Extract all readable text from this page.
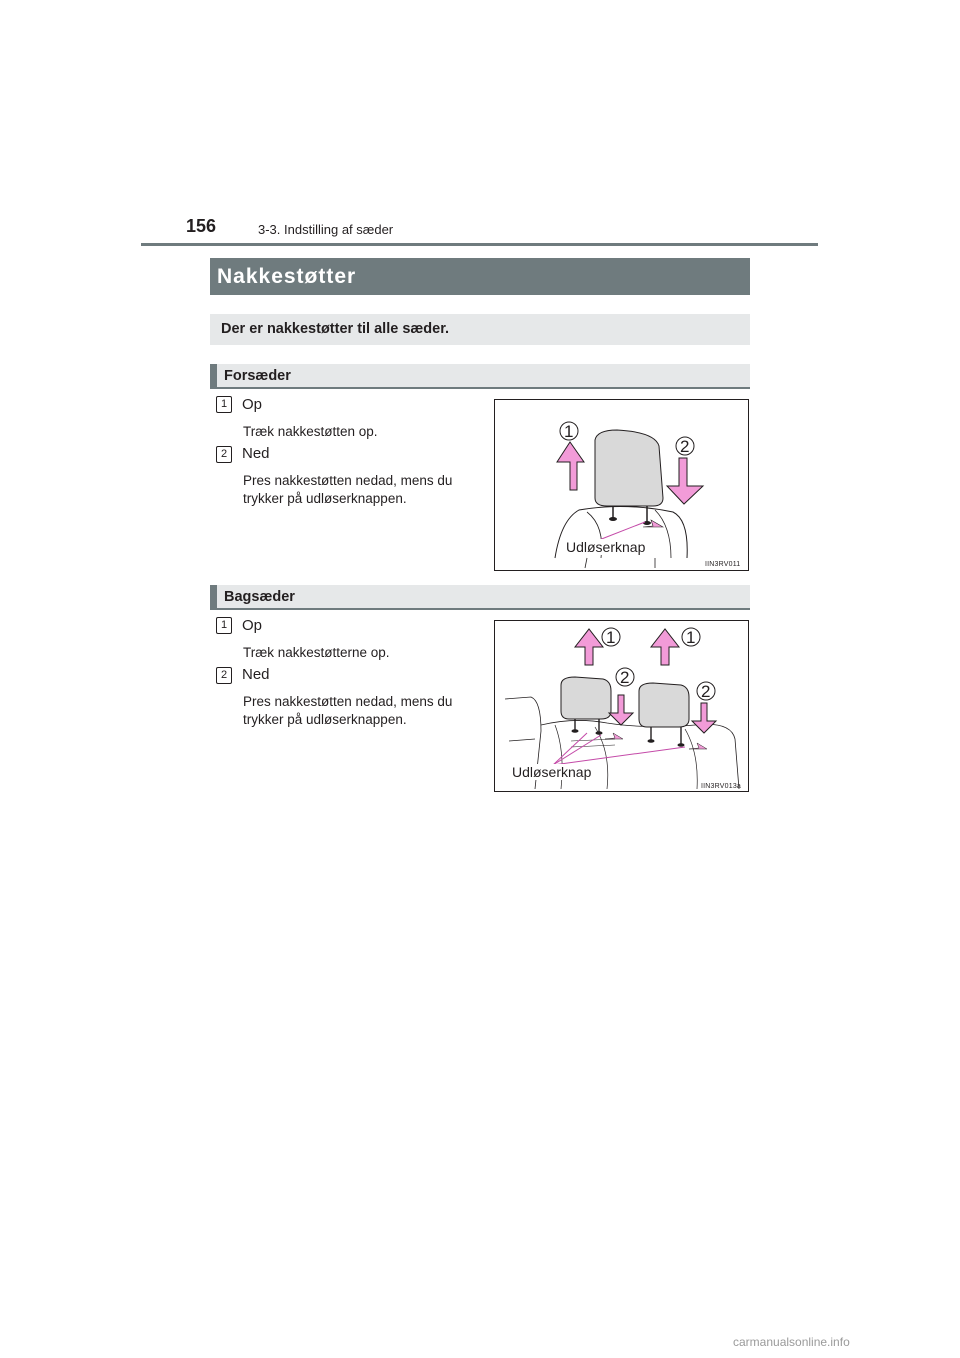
156	3-3. Indstilling af sæder
Nakkestøtter
Der er nakkestøtter til alle sæder.
Forsæder
1 Op
Træk nakkestøtten op.
2 Ned
Pres nakkestøtten nedad, mens du
trykker på udløserknappen.
1
2
Udløserknap
IIN3RV011
Bagsæder
1 Op
Træk nakkestøtterne op.
2 Ned
Pres nakkestøtten nedad, mens du
trykker på udløserknappen.
1	1
2
2
Udløserknap
IIN3RV013a
carmanualsonline.info
